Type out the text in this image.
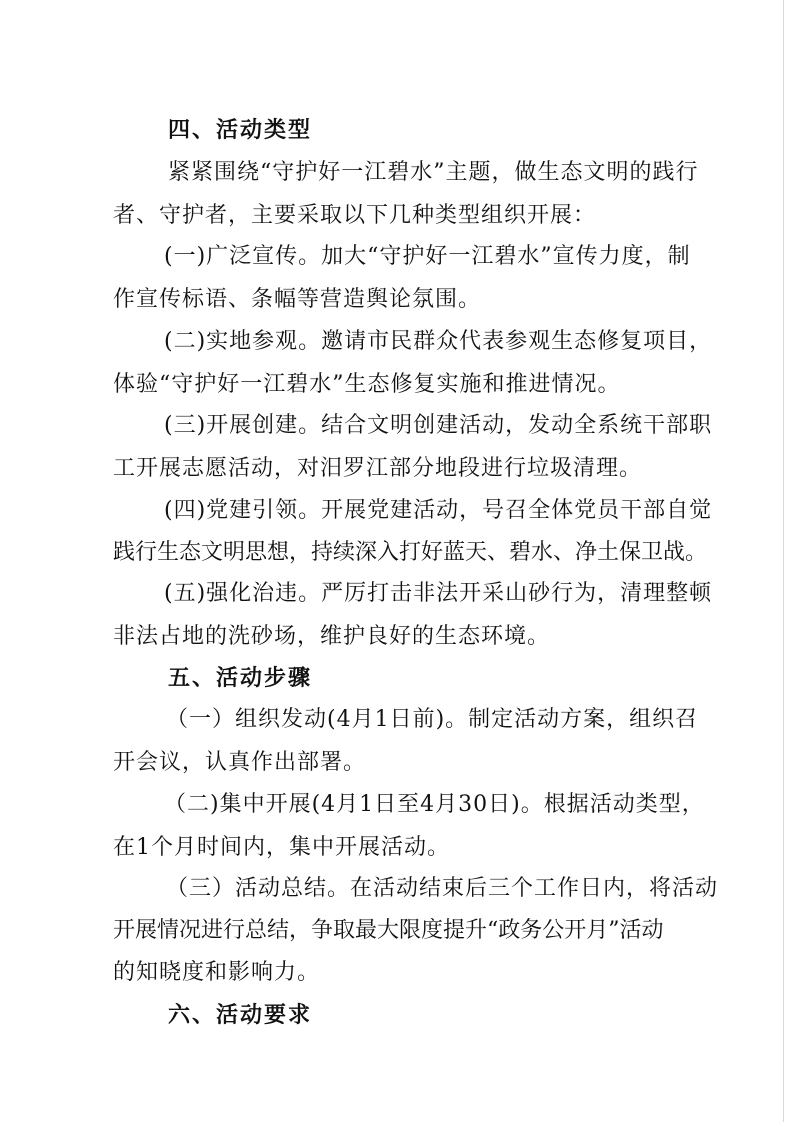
四、活动类型
紧紧围绕“守护好一江碧水”主题，做生态文明的践行
者、守护者，主要采取以下几种类型组织开展：
(一)广泛宣传。加大“守护好一江碧水”宣传力度，制
作宣传标语、条幅等营造舆论氛围。
(二)实地参观。邀请市民群众代表参观生态修复项目，
体验“守护好一江碧水”生态修复实施和推进情况。
(三)开展创建。结合文明创建活动，发动全系统干部职
工开展志愿活动，对汨罗江部分地段进行垃圾清理。
(四)党建引领。开展党建活动，号召全体党员干部自觉
践行生态文明思想，持续深入打好蓝天、碧水、净土保卫战。
(五)强化治违。严厉打击非法开采山砂行为，清理整顿
非法占地的洗砂场，维护良好的生态环境。
五、活动步骤
（一）组织发动(4月1日前)。制定活动方案，组织召
开会议，认真作出部署。
（二)集中开展(4月1日至4月30日)。根据活动类型，
在1个月时间内，集中开展活动。
（三）活动总结。在活动结束后三个工作日内，将活动
开展情况进行总结，争取最大限度提升“政务公开月”活动
的知晓度和影响力。
六、活动要求
